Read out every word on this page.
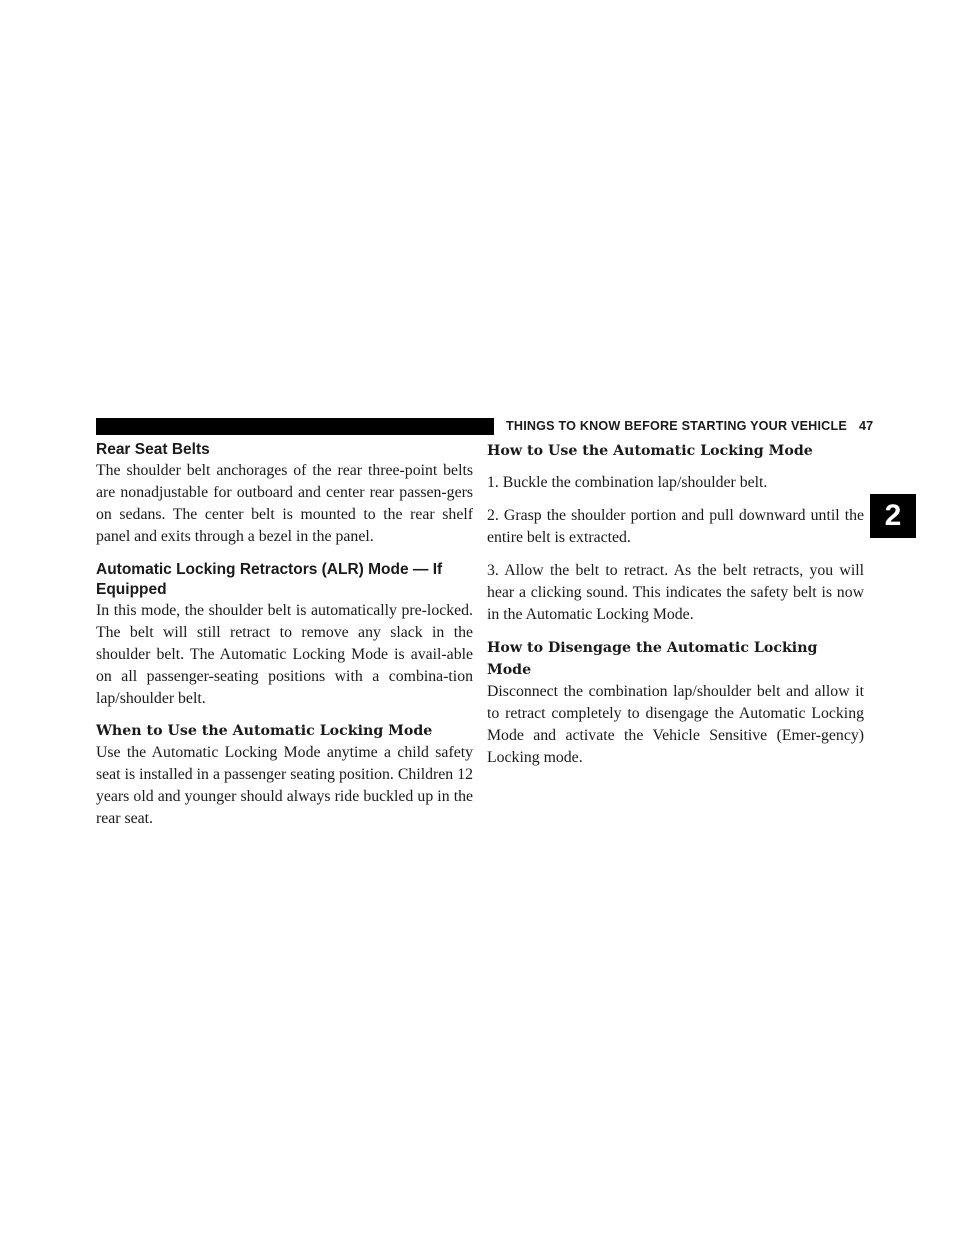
THINGS TO KNOW BEFORE STARTING YOUR VEHICLE 47
2
Rear Seat Belts

The shoulder belt anchorages of the rear three-point belts are nonadjustable for outboard and center rear passen-gers on sedans. The center belt is mounted to the rear shelf panel and exits through a bezel in the panel.

Automatic Locking Retractors (ALR) Mode — If Equipped

In this mode, the shoulder belt is automatically pre-locked. The belt will still retract to remove any slack in the shoulder belt. The Automatic Locking Mode is avail-able on all passenger-seating positions with a combina-tion lap/shoulder belt.

When to Use the Automatic Locking Mode

Use the Automatic Locking Mode anytime a child safety seat is installed in a passenger seating position. Children 12 years old and younger should always ride buckled up in the rear seat.

How to Use the Automatic Locking Mode

1. Buckle the combination lap/shoulder belt.

2. Grasp the shoulder portion and pull downward until the entire belt is extracted.

3. Allow the belt to retract. As the belt retracts, you will hear a clicking sound. This indicates the safety belt is now in the Automatic Locking Mode.

How to Disengage the Automatic Locking Mode

Disconnect the combination lap/shoulder belt and allow it to retract completely to disengage the Automatic Locking Mode and activate the Vehicle Sensitive (Emer-gency) Locking mode.
